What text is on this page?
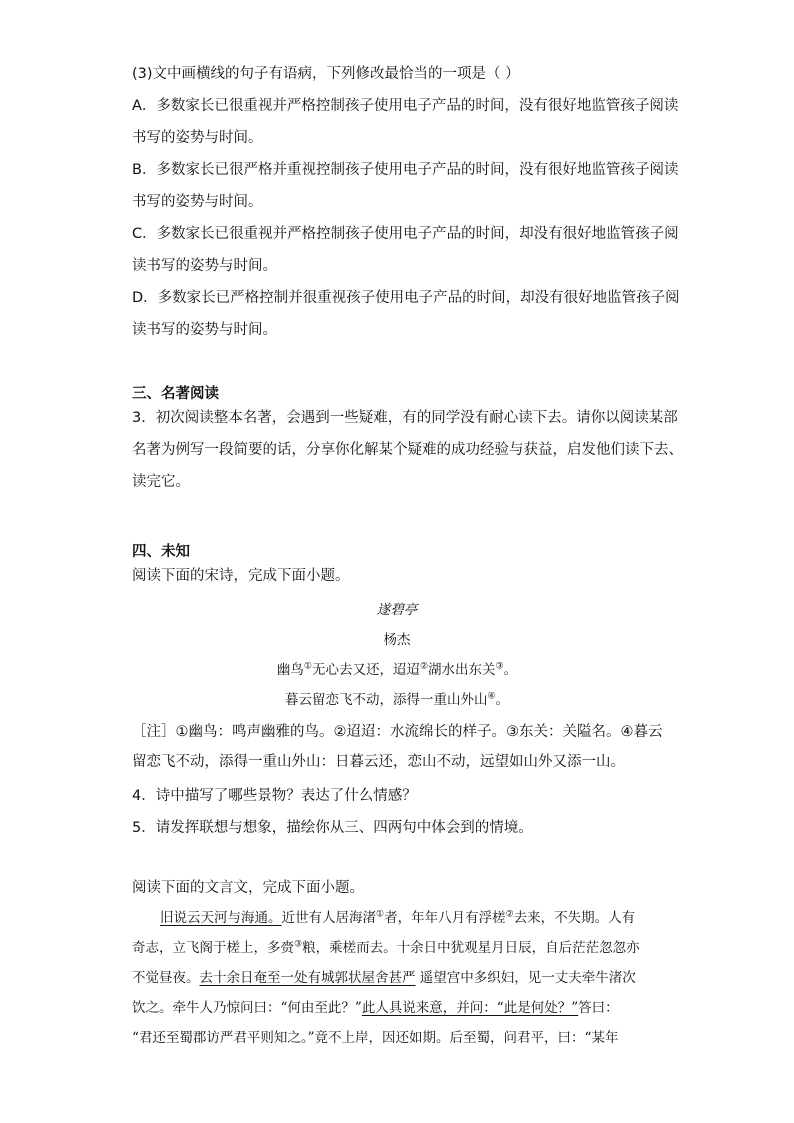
(3)文中画横线的句子有语病，下列修改最恰当的一项是（ ）
A．多数家长已很重视并严格控制孩子使用电子产品的时间，没有很好地监管孩子阅读
书写的姿势与时间。
B．多数家长已很严格并重视控制孩子使用电子产品的时间，没有很好地监管孩子阅读
书写的姿势与时间。
C．多数家长已很重视并严格控制孩子使用电子产品的时间，却没有很好地监管孩子阅
读书写的姿势与时间。
D．多数家长已严格控制并很重视孩子使用电子产品的时间，却没有很好地监管孩子阅
读书写的姿势与时间。
三、名著阅读
3．初次阅读整本名著，会遇到一些疑难，有的同学没有耐心读下去。请你以阅读某部
名著为例写一段简要的话，分享你化解某个疑难的成功经验与获益，启发他们读下去、
读完它。
四、未知
阅读下面的宋诗，完成下面小题。
遂碧亭
杨杰
幽鸟①无心去又还，迢迢②湖水出东关③。
暮云留恋飞不动，添得一重山外山④。
［注］①幽鸟：鸣声幽雅的鸟。②迢迢：水流绵长的样子。③东关：关隘名。④暮云
留恋飞不动，添得一重山外山：日暮云还，恋山不动，远望如山外又添一山。
4．诗中描写了哪些景物？表达了什么情感？
5．请发挥联想与想象，描绘你从三、四两句中体会到的情境。
阅读下面的文言文，完成下面小题。
旧说云天河与海通。近世有人居海渚①者，年年八月有浮槎②去来，不失期。人有
奇志，立飞阁于槎上，多赍③粮，乘槎而去。十余日中犹观星月日辰，自后茫茫忽忽亦
不觉昼夜。去十余日奄至一处有城郭状屋舍甚严 遥望宫中多织妇，见一丈夫牵牛渚次
饮之。牵牛人乃惊问曰：“何由至此？”此人具说来意，并问：“此是何处？”答曰：
“君还至蜀郡访严君平则知之。”竟不上岸，因还如期。后至蜀，问君平，曰：“某年
